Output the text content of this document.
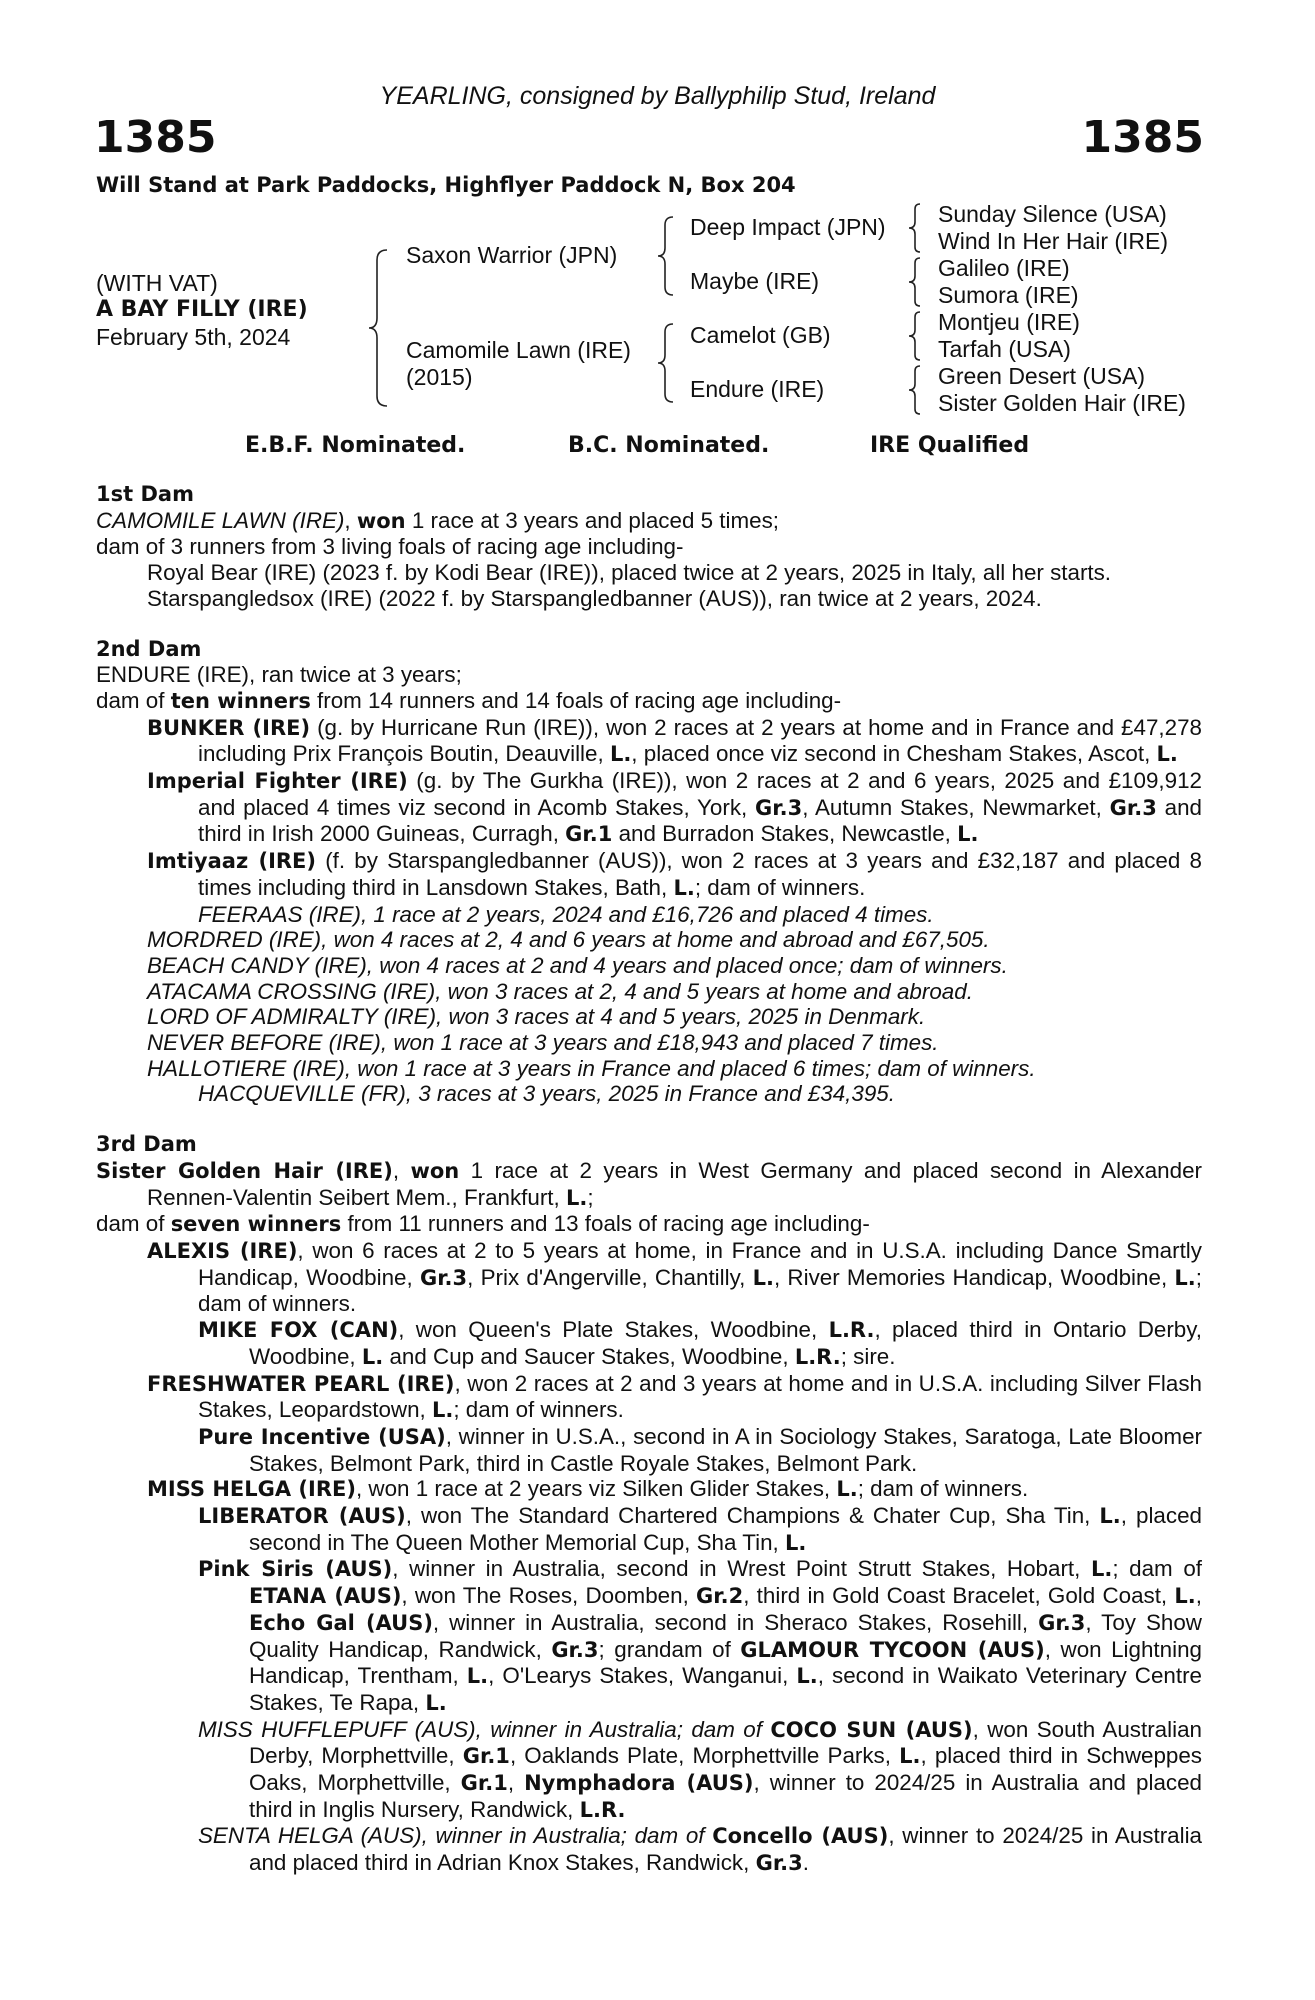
YEARLING, consigned by Ballyphilip Stud, Ireland
1385	1385
Will Stand at Park Paddocks, Highflyer Paddock N, Box 204
(WITH VAT)
A BAY FILLY (IRE)
February 5th, 2024
Saxon Warrior (JPN)
Camomile Lawn (IRE)
(2015)
Deep Impact (JPN)
Maybe (IRE)
Camelot (GB)
Endure (IRE)
Sunday Silence (USA)
Wind In Her Hair (IRE)
Galileo (IRE)
Sumora (IRE)
Montjeu (IRE)
Tarfah (USA)
Green Desert (USA)
Sister Golden Hair (IRE)
E.B.F. Nominated.	B.C. Nominated.	IRE Qualified
1st Dam
CAMOMILE LAWN (IRE), won 1 race at 3 years and placed 5 times;
dam of 3 runners from 3 living foals of racing age including-
Royal Bear (IRE) (2023 f. by Kodi Bear (IRE)), placed twice at 2 years, 2025 in Italy, all her starts.
Starspangledsox (IRE) (2022 f. by Starspangledbanner (AUS)), ran twice at 2 years, 2024.
2nd Dam
ENDURE (IRE), ran twice at 3 years;
dam of ten winners from 14 runners and 14 foals of racing age including-
BUNKER (IRE) (g. by Hurricane Run (IRE)), won 2 races at 2 years at home and in France and £47,278 including Prix François Boutin, Deauville, L., placed once viz second in Chesham Stakes, Ascot, L.
Imperial Fighter (IRE) (g. by The Gurkha (IRE)), won 2 races at 2 and 6 years, 2025 and £109,912 and placed 4 times viz second in Acomb Stakes, York, Gr.3, Autumn Stakes, Newmarket, Gr.3 and third in Irish 2000 Guineas, Curragh, Gr.1 and Burradon Stakes, Newcastle, L.
Imtiyaaz (IRE) (f. by Starspangledbanner (AUS)), won 2 races at 3 years and £32,187 and placed 8 times including third in Lansdown Stakes, Bath, L.; dam of winners.
FEERAAS (IRE), 1 race at 2 years, 2024 and £16,726 and placed 4 times.
MORDRED (IRE), won 4 races at 2, 4 and 6 years at home and abroad and £67,505.
BEACH CANDY (IRE), won 4 races at 2 and 4 years and placed once; dam of winners.
ATACAMA CROSSING (IRE), won 3 races at 2, 4 and 5 years at home and abroad.
LORD OF ADMIRALTY (IRE), won 3 races at 4 and 5 years, 2025 in Denmark.
NEVER BEFORE (IRE), won 1 race at 3 years and £18,943 and placed 7 times.
HALLOTIERE (IRE), won 1 race at 3 years in France and placed 6 times; dam of winners.
HACQUEVILLE (FR), 3 races at 3 years, 2025 in France and £34,395.
3rd Dam
Sister Golden Hair (IRE), won 1 race at 2 years in West Germany and placed second in Alexander Rennen-Valentin Seibert Mem., Frankfurt, L.;
dam of seven winners from 11 runners and 13 foals of racing age including-
ALEXIS (IRE), won 6 races at 2 to 5 years at home, in France and in U.S.A. including Dance Smartly Handicap, Woodbine, Gr.3, Prix d'Angerville, Chantilly, L., River Memories Handicap, Woodbine, L.; dam of winners.
MIKE FOX (CAN), won Queen's Plate Stakes, Woodbine, L.R., placed third in Ontario Derby, Woodbine, L. and Cup and Saucer Stakes, Woodbine, L.R.; sire.
FRESHWATER PEARL (IRE), won 2 races at 2 and 3 years at home and in U.S.A. including Silver Flash Stakes, Leopardstown, L.; dam of winners.
Pure Incentive (USA), winner in U.S.A., second in A in Sociology Stakes, Saratoga, Late Bloomer Stakes, Belmont Park, third in Castle Royale Stakes, Belmont Park.
MISS HELGA (IRE), won 1 race at 2 years viz Silken Glider Stakes, L.; dam of winners.
LIBERATOR (AUS), won The Standard Chartered Champions & Chater Cup, Sha Tin, L., placed second in The Queen Mother Memorial Cup, Sha Tin, L.
Pink Siris (AUS), winner in Australia, second in Wrest Point Strutt Stakes, Hobart, L.; dam of ETANA (AUS), won The Roses, Doomben, Gr.2, third in Gold Coast Bracelet, Gold Coast, L., Echo Gal (AUS), winner in Australia, second in Sheraco Stakes, Rosehill, Gr.3, Toy Show Quality Handicap, Randwick, Gr.3; grandam of GLAMOUR TYCOON (AUS), won Lightning Handicap, Trentham, L., O'Learys Stakes, Wanganui, L., second in Waikato Veterinary Centre Stakes, Te Rapa, L.
MISS HUFFLEPUFF (AUS), winner in Australia; dam of COCO SUN (AUS), won South Australian Derby, Morphettville, Gr.1, Oaklands Plate, Morphettville Parks, L., placed third in Schweppes Oaks, Morphettville, Gr.1, Nymphadora (AUS), winner to 2024/25 in Australia and placed third in Inglis Nursery, Randwick, L.R.
SENTA HELGA (AUS), winner in Australia; dam of Concello (AUS), winner to 2024/25 in Australia and placed third in Adrian Knox Stakes, Randwick, Gr.3.
